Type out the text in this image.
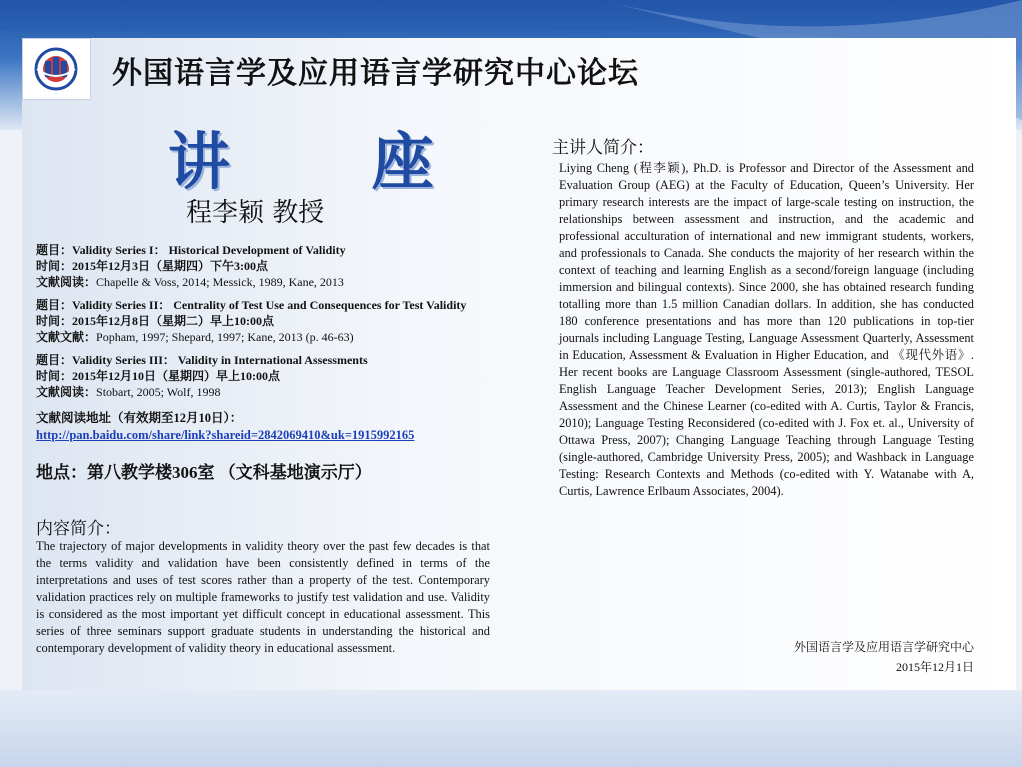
外国语言学及应用语言学研究中心论坛
讲 座
程李颖 教授
题目：Validity Series I： Historical Development of Validity
时间：2015年12月3日（星期四）下午3:00点
文献阅读：Chapelle & Voss, 2014; Messick, 1989, Kane, 2013
题目：Validity Series II： Centrality of Test Use and Consequences for Test Validity
时间：2015年12月8日（星期二）早上10:00点
文献文献：Popham, 1997; Shepard, 1997; Kane, 2013 (p. 46-63)
题目：Validity Series III： Validity in International Assessments
时间：2015年12月10日（星期四）早上10:00点
文献阅读：Stobart, 2005; Wolf, 1998
文献阅读地址（有效期至12月10日）：
http://pan.baidu.com/share/link?shareid=2842069410&uk=1915992165
地点：第八教学楼306室 （文科基地演示厅）
内容简介：
The trajectory of major developments in validity theory over the past few decades is that the terms validity and validation have been consistently defined in terms of the interpretations and uses of test scores rather than a property of the test. Contemporary validation practices rely on multiple frameworks to justify test validation and use. Validity is considered as the most important yet difficult concept in educational assessment. This series of three seminars support graduate students in understanding the historical and contemporary development of validity theory in educational assessment.
主讲人简介：
Liying Cheng (程李颖), Ph.D. is Professor and Director of the Assessment and Evaluation Group (AEG) at the Faculty of Education, Queen’s University. Her primary research interests are the impact of large-scale testing on instruction, the relationships between assessment and instruction, and the academic and professional acculturation of international and new immigrant students, workers, and professionals to Canada. She conducts the majority of her research within the context of teaching and learning English as a second/foreign language (including immersion and bilingual contexts). Since 2000, she has obtained research funding totalling more than 1.5 million Canadian dollars. In addition, she has conducted 180 conference presentations and has more than 120 publications in top-tier journals including Language Testing, Language Assessment Quarterly, Assessment in Education, Assessment & Evaluation in Higher Education, and 《现代外语》. Her recent books are Language Classroom Assessment (single-authored, TESOL English Language Teacher Development Series, 2013); English Language Assessment and the Chinese Learner (co-edited with A. Curtis, Taylor & Francis, 2010); Language Testing Reconsidered (co-edited with J. Fox et. al., University of Ottawa Press, 2007); Changing Language Teaching through Language Testing (single-authored, Cambridge University Press, 2005); and Washback in Language Testing: Research Contexts and Methods (co-edited with Y. Watanabe with A, Curtis, Lawrence Erlbaum Associates, 2004).
外国语言学及应用语言学研究中心
2015年12月1日
